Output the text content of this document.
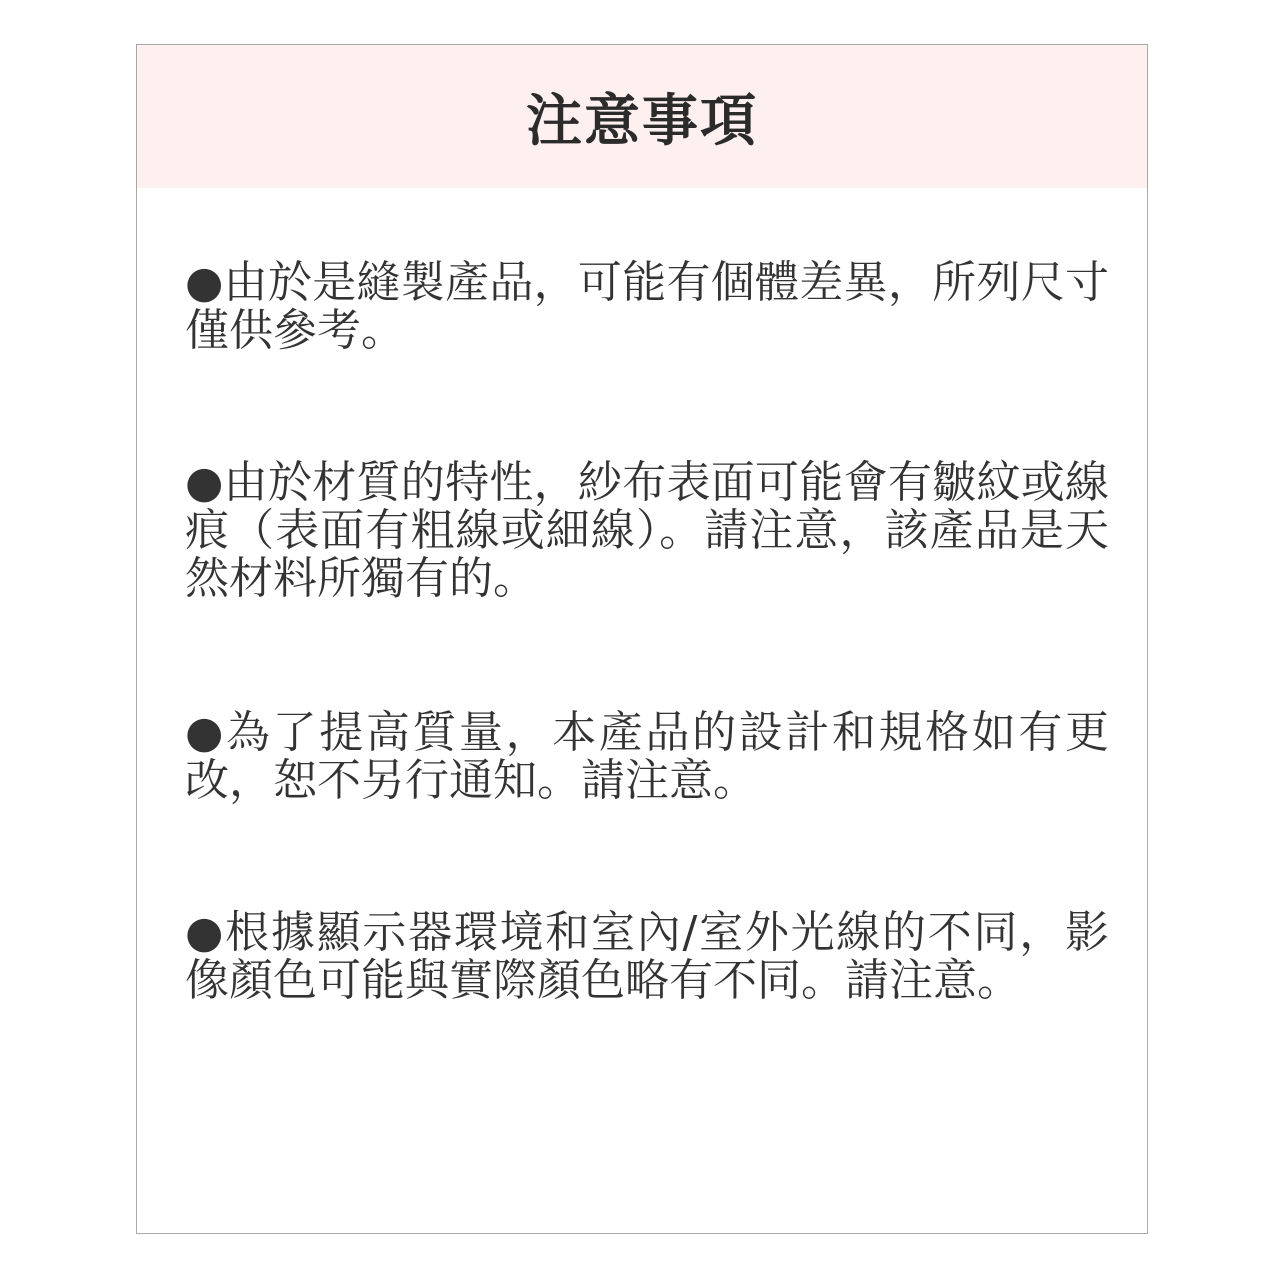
注意事項

●由於是縫製產品，可能有個體差異，所列尺寸僅供參考。

●由於材質的特性，紗布表面可能會有皺紋或線痕（表面有粗線或細線）。請注意，該產品是天然材料所獨有的。

●為了提高質量，本產品的設計和規格如有更改，恕不另行通知。請注意。

●根據顯示器環境和室內/室外光線的不同，影像顏色可能與實際顏色略有不同。請注意。
